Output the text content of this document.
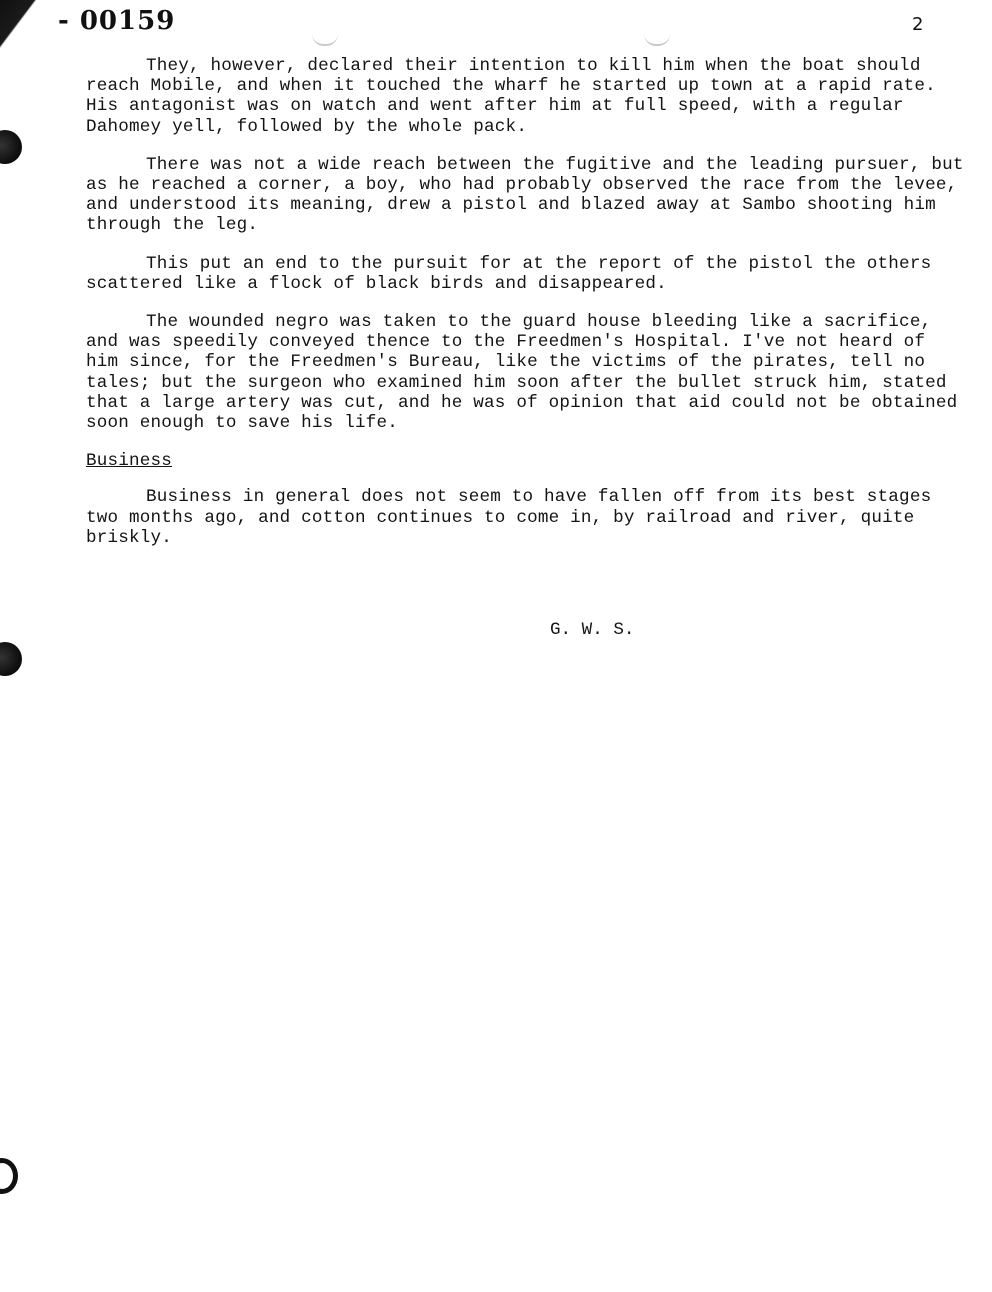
- 00159	2

They, however, declared their intention to kill him when the boat should reach Mobile, and when it touched the wharf he started up town at a rapid rate. His antagonist was on watch and went after him at full speed, with a regular Dahomey yell, followed by the whole pack.

There was not a wide reach between the fugitive and the leading pursuer, but as he reached a corner, a boy, who had probably observed the race from the levee, and understood its meaning, drew a pistol and blazed away at Sambo shooting him through the leg.

This put an end to the pursuit for at the report of the pistol the others scattered like a flock of black birds and disappeared.

The wounded negro was taken to the guard house bleeding like a sacrifice, and was speedily conveyed thence to the Freedmen's Hospital. I've not heard of him since, for the Freedmen's Bureau, like the victims of the pirates, tell no tales; but the surgeon who examined him soon after the bullet struck him, stated that a large artery was cut, and he was of opinion that aid could not be obtained soon enough to save his life.

Business

Business in general does not seem to have fallen off from its best stages two months ago, and cotton continues to come in, by railroad and river, quite briskly.

G. W. S.
